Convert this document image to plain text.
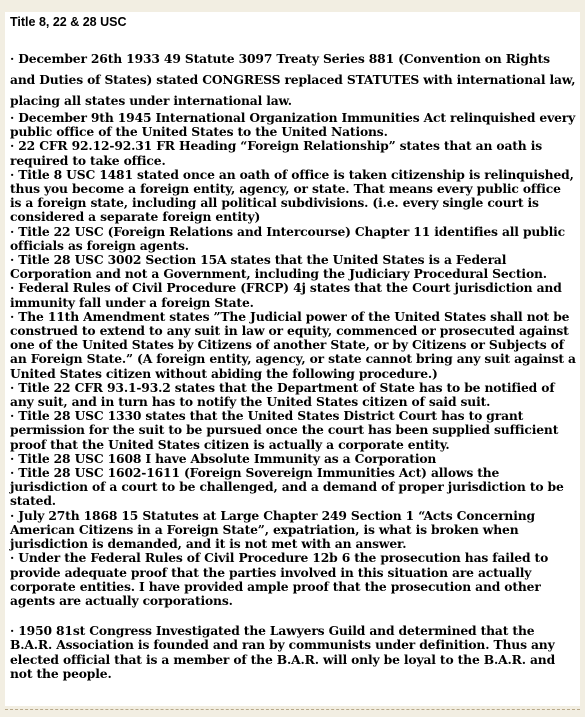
Title 8, 22 & 28 USC
· December 26th 1933 49 Statute 3097 Treaty Series 881 (Convention on Rights and Duties of States) stated CONGRESS replaced STATUTES with international law, placing all states under international law.
· December 9th 1945 International Organization Immunities Act relinquished every public office of the United States to the United Nations.
· 22 CFR 92.12-92.31 FR Heading “Foreign Relationship” states that an oath is required to take office.
· Title 8 USC 1481 stated once an oath of office is taken citizenship is relinquished, thus you become a foreign entity, agency, or state. That means every public office is a foreign state, including all political subdivisions. (i.e. every single court is considered a separate foreign entity)
· Title 22 USC (Foreign Relations and Intercourse) Chapter 11 identifies all public officials as foreign agents.
· Title 28 USC 3002 Section 15A states that the United States is a Federal Corporation and not a Government, including the Judiciary Procedural Section.
· Federal Rules of Civil Procedure (FRCP) 4j states that the Court jurisdiction and immunity fall under a foreign State.
· The 11th Amendment states ”The Judicial power of the United States shall not be construed to extend to any suit in law or equity, commenced or prosecuted against one of the United States by Citizens of another State, or by Citizens or Subjects of an Foreign State.” (A foreign entity, agency, or state cannot bring any suit against a United States citizen without abiding the following procedure.)
· Title 22 CFR 93.1-93.2 states that the Department of State has to be notified of any suit, and in turn has to notify the United States citizen of said suit.
· Title 28 USC 1330 states that the United States District Court has to grant permission for the suit to be pursued once the court has been supplied sufficient proof that the United States citizen is actually a corporate entity.
· Title 28 USC 1608 I have Absolute Immunity as a Corporation
· Title 28 USC 1602-1611 (Foreign Sovereign Immunities Act) allows the jurisdiction of a court to be challenged, and a demand of proper jurisdiction to be stated.
· July 27th 1868 15 Statutes at Large Chapter 249 Section 1 “Acts Concerning American Citizens in a Foreign State”, expatriation, is what is broken when jurisdiction is demanded, and it is not met with an answer.
· Under the Federal Rules of Civil Procedure 12b 6 the prosecution has failed to provide adequate proof that the parties involved in this situation are actually corporate entities. I have provided ample proof that the prosecution and other agents are actually corporations.
· 1950 81st Congress Investigated the Lawyers Guild and determined that the B.A.R. Association is founded and ran by communists under definition. Thus any elected official that is a member of the B.A.R. will only be loyal to the B.A.R. and not the people.
